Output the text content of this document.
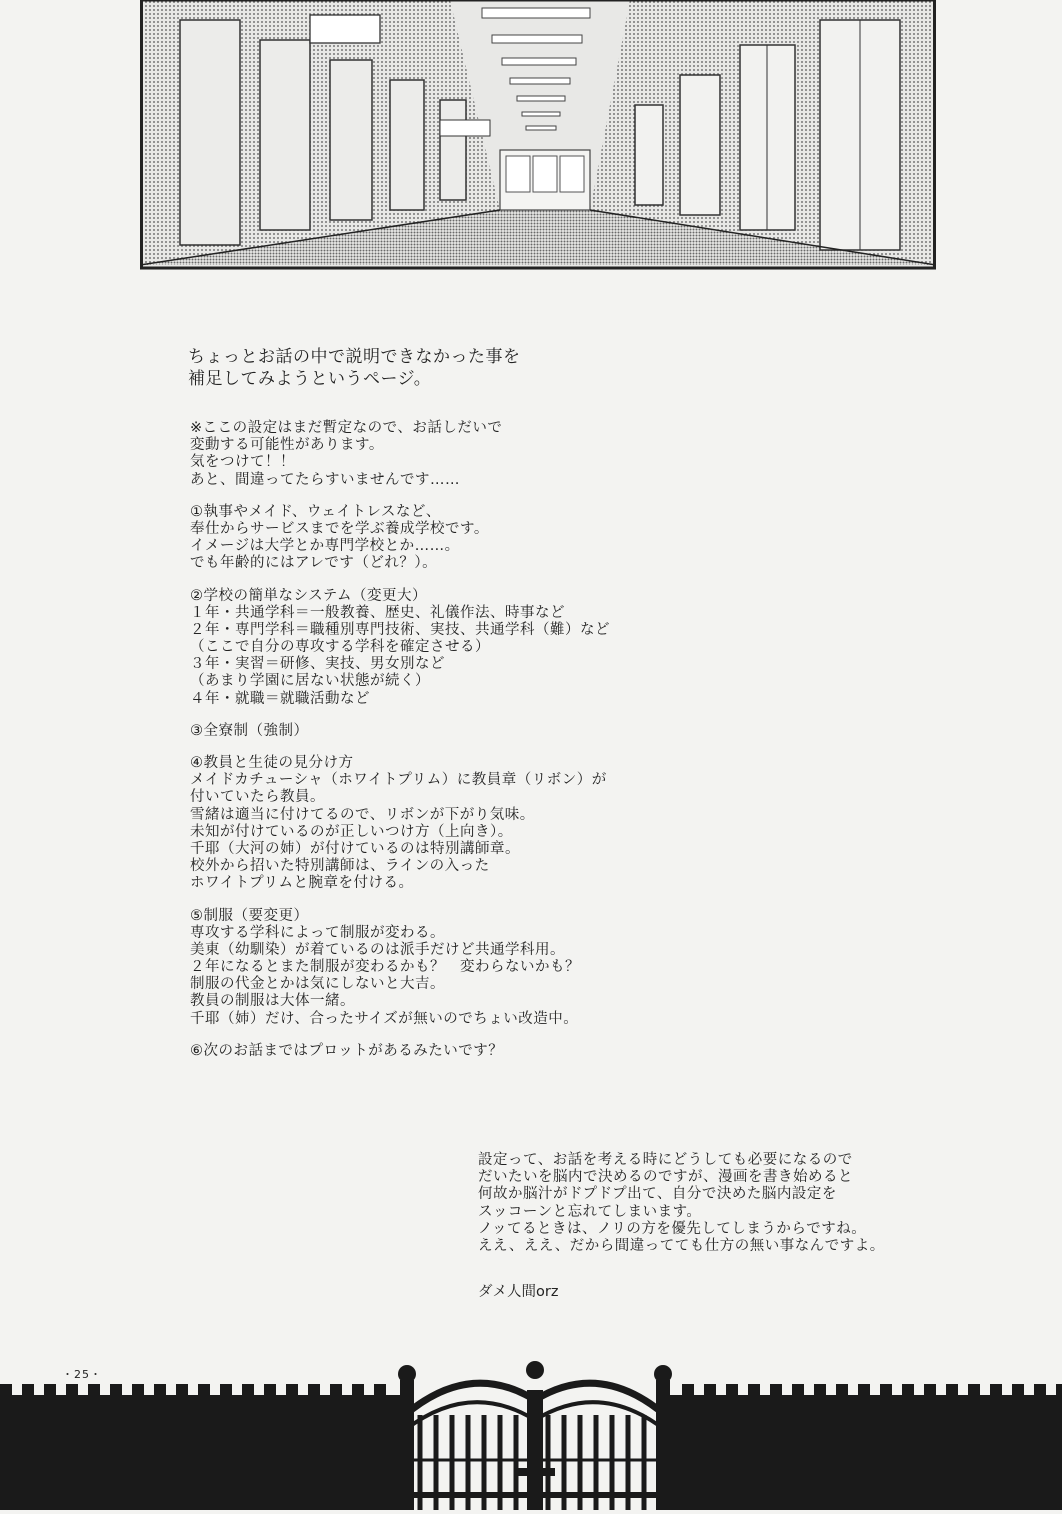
ちょっとお話の中で説明できなかった事を
補足してみようというページ。
※ここの設定はまだ暫定なので、お話しだいで
変動する可能性があります。
気をつけて！！
あと、間違ってたらすいませんです……
①執事やメイド、ウェイトレスなど、
奉仕からサービスまでを学ぶ養成学校です。
イメージは大学とか専門学校とか……。
でも年齢的にはアレです（どれ？）。
②学校の簡単なシステム（変更大）
１年・共通学科＝一般教養、歴史、礼儀作法、時事など
２年・専門学科＝職種別専門技術、実技、共通学科（難）など
（ここで自分の専攻する学科を確定させる）
３年・実習＝研修、実技、男女別など
（あまり学園に居ない状態が続く）
４年・就職＝就職活動など
③全寮制（強制）
④教員と生徒の見分け方
メイドカチューシャ（ホワイトプリム）に教員章（リボン）が
付いていたら教員。
雪緒は適当に付けてるので、リボンが下がり気味。
未知が付けているのが正しいつけ方（上向き）。
千耶（大河の姉）が付けているのは特別講師章。
校外から招いた特別講師は、ラインの入った
ホワイトプリムと腕章を付ける。
⑤制服（要変更）
専攻する学科によって制服が変わる。
美東（幼馴染）が着ているのは派手だけど共通学科用。
２年になるとまた制服が変わるかも？　変わらないかも？
制服の代金とかは気にしないと大吉。
教員の制服は大体一緒。
千耶（姉）だけ、合ったサイズが無いのでちょい改造中。
⑥次のお話まではプロットがあるみたいです？
設定って、お話を考える時にどうしても必要になるので
だいたいを脳内で決めるのですが、漫画を書き始めると
何故か脳汁がドプドプ出て、自分で決めた脳内設定を
スッコーンと忘れてしまいます。
ノッてるときは、ノリの方を優先してしまうからですね。
ええ、ええ、だから間違ってても仕方の無い事なんですよ。
ダメ人間orz
・25・
